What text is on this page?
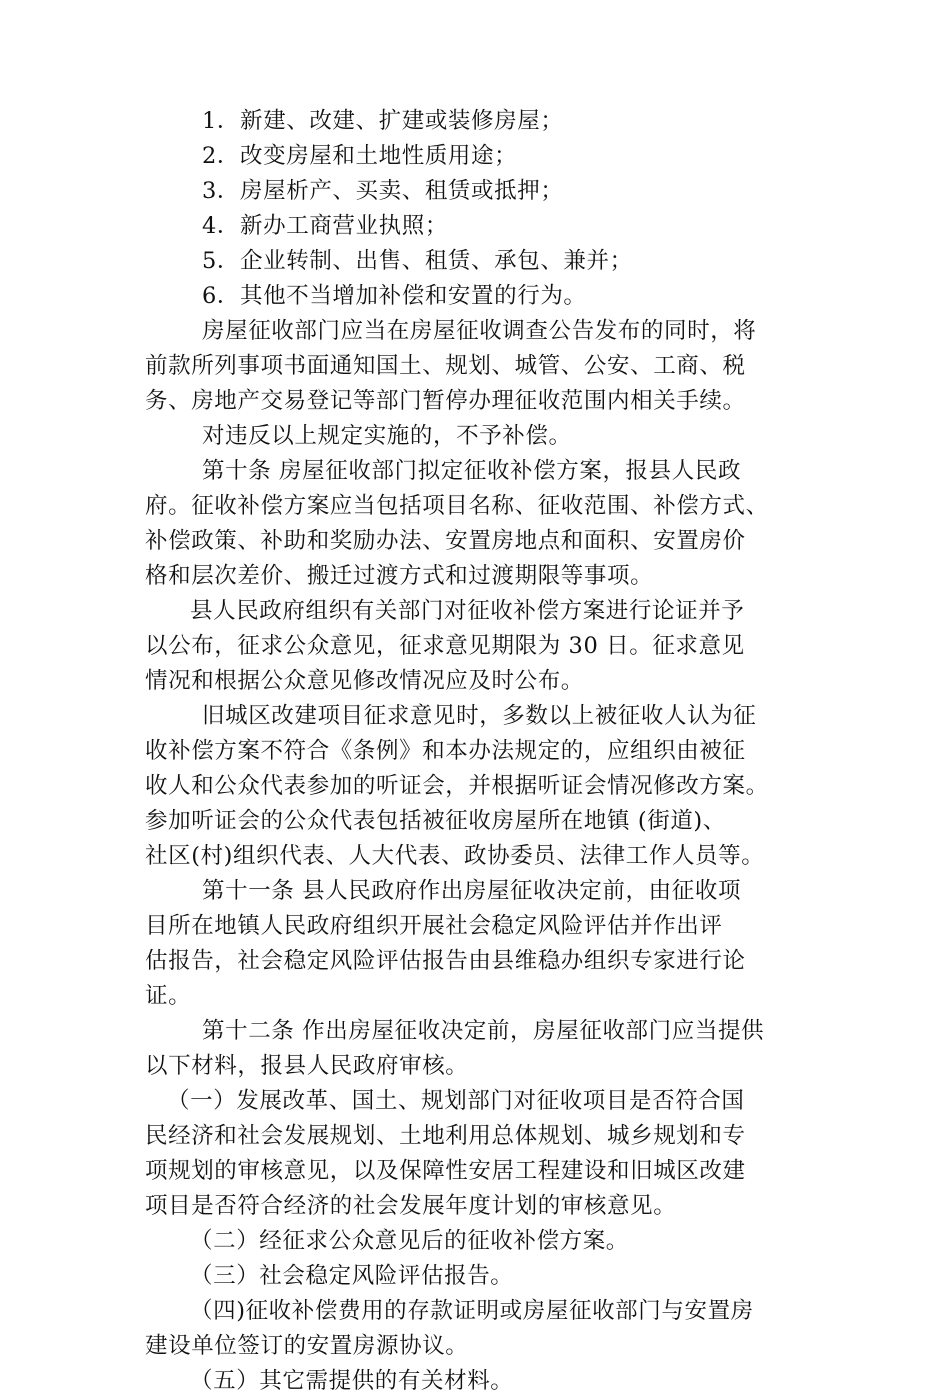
1．新建、改建、扩建或装修房屋；
2．改变房屋和土地性质用途；
3．房屋析产、买卖、租赁或抵押；
4．新办工商营业执照；
5．企业转制、出售、租赁、承包、兼并；
6．其他不当增加补偿和安置的行为。
房屋征收部门应当在房屋征收调查公告发布的同时，将
前款所列事项书面通知国土、规划、城管、公安、工商、税
务、房地产交易登记等部门暂停办理征收范围内相关手续。
对违反以上规定实施的，不予补偿。
第十条 房屋征收部门拟定征收补偿方案，报县人民政
府。征收补偿方案应当包括项目名称、征收范围、补偿方式、
补偿政策、补助和奖励办法、安置房地点和面积、安置房价
格和层次差价、搬迁过渡方式和过渡期限等事项。
县人民政府组织有关部门对征收补偿方案进行论证并予
以公布，征求公众意见，征求意见期限为 30 日。征求意见
情况和根据公众意见修改情况应及时公布。
旧城区改建项目征求意见时，多数以上被征收人认为征
收补偿方案不符合《条例》和本办法规定的，应组织由被征
收人和公众代表参加的听证会，并根据听证会情况修改方案。
参加听证会的公众代表包括被征收房屋所在地镇 (街道)、
社区(村)组织代表、人大代表、政协委员、法律工作人员等。
第十一条 县人民政府作出房屋征收决定前，由征收项
目所在地镇人民政府组织开展社会稳定风险评估并作出评
估报告，社会稳定风险评估报告由县维稳办组织专家进行论
证。
第十二条 作出房屋征收决定前，房屋征收部门应当提供
以下材料，报县人民政府审核。
（一）发展改革、国土、规划部门对征收项目是否符合国
民经济和社会发展规划、土地利用总体规划、城乡规划和专
项规划的审核意见，以及保障性安居工程建设和旧城区改建
项目是否符合经济的社会发展年度计划的审核意见。
（二）经征求公众意见后的征收补偿方案。
（三）社会稳定风险评估报告。
（四)征收补偿费用的存款证明或房屋征收部门与安置房
建设单位签订的安置房源协议。
（五）其它需提供的有关材料。
